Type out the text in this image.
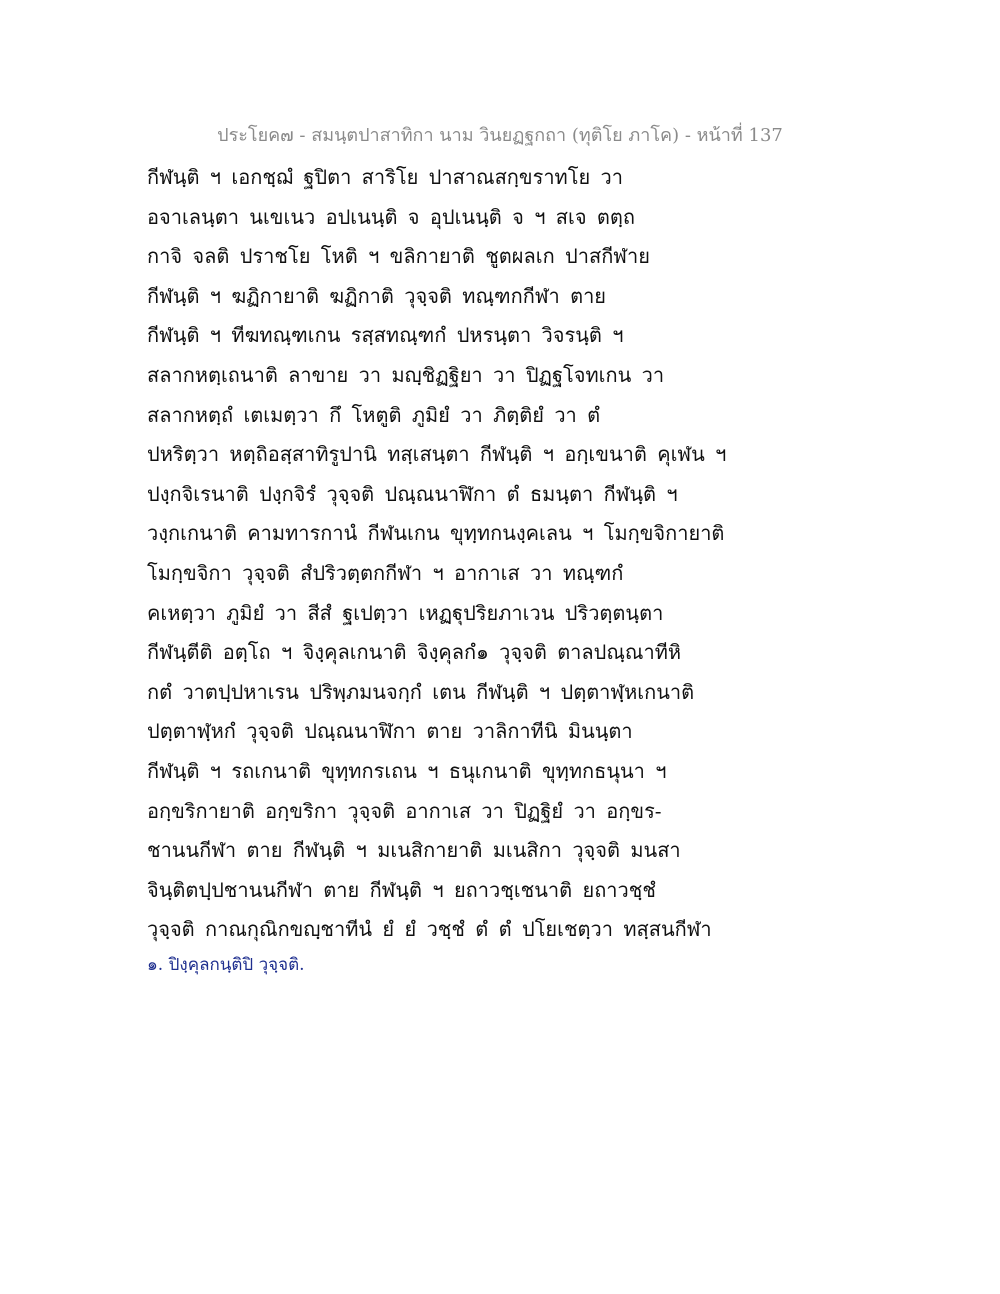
ประโยค๗ - สมนฺตปาสาทิกา นาม วินยฏฐกถา (ทุติโย ภาโค) - หน้าที่ 137
กีฬนฺติ ฯ เอกชฺฌํ ฐปิตา สาริโย ปาสาณสกฺขราทโย วา
อจาเลนฺตา นเขเนว อปเนนฺติ จ อุปเนนฺติ จ ฯ สเจ ตตฺถ
กาจิ จลติ ปราชโย โหติ ฯ ขลิกายาติ ชูตผลเก ปาสกีฬาย
กีฬนฺติ ฯ ฆฏิกายาติ ฆฏิกาติ วุจฺจติ ทณฺฑกกีฬา ตาย
กีฬนฺติ ฯ ทีฆทณฺฑเกน รสฺสทณฺฑกํ ปหรนฺตา วิจรนฺติ ฯ
สลากหตฺเถนาติ ลาขาย วา มญฺชิฏฐิยา วา ปิฏฐโจทเกน วา
สลากหตฺถํ เตเมตฺวา กึ โหตูติ ภูมิยํ วา ภิตฺติยํ วา ตํ
ปหริตฺวา หตฺถิอสฺสาทิรูปานิ ทสฺเสนฺตา กีฬนฺติ ฯ อกฺเขนาติ คุเฬน ฯ
ปงฺกจิเรนาติ ปงฺกจิรํ วุจฺจติ ปณฺณนาฬิกา ตํ ธมนฺตา กีฬนฺติ ฯ
วงฺกเกนาติ คามทารกานํ กีฬนเกน ขุทฺทกนงฺคเลน ฯ โมกฺขจิกายาติ
โมกฺขจิกา วุจฺจติ สํปริวตฺตกกีฬา ฯ อากาเส วา ทณฺฑกํ
คเหตฺวา ภูมิยํ วา สีสํ ฐเปตฺวา เหฏฐุปริยภาเวน ปริวตฺตนฺตา
กีฬนฺตีติ อตฺโถ ฯ จิงฺคุลเกนาติ จิงฺคุลกํ๑ วุจฺจติ ตาลปณฺณาทีหิ
กตํ วาตปฺปหาเรน ปริพฺภมนจกฺกํ เตน กีฬนฺติ ฯ ปตฺตาฬฺหเกนาติ
ปตฺตาฬฺหกํ วุจฺจติ ปณฺณนาฬิกา ตาย วาลิกาทีนิ มินนฺตา
กีฬนฺติ ฯ รถเกนาติ ขุทฺทกรเถน ฯ ธนุเกนาติ ขุทฺทกธนุนา ฯ
อกฺขริกายาติ อกฺขริกา วุจฺจติ อากาเส วา ปิฏฐิยํ วา อกฺขร-
ชานนกีฬา ตาย กีฬนฺติ ฯ มเนสิกายาติ มเนสิกา วุจฺจติ มนสา
จินฺติตปฺปชานนกีฬา ตาย กีฬนฺติ ฯ ยถาวชฺเชนาติ ยถาวชฺชํ
วุจฺจติ กาณกุณิกขญฺชาทีนํ ยํ ยํ วชฺชํ ตํ ตํ ปโยเชตฺวา ทสฺสนกีฬา
๑. ปิงฺคุลกนฺติปิ วุจฺจติ.
